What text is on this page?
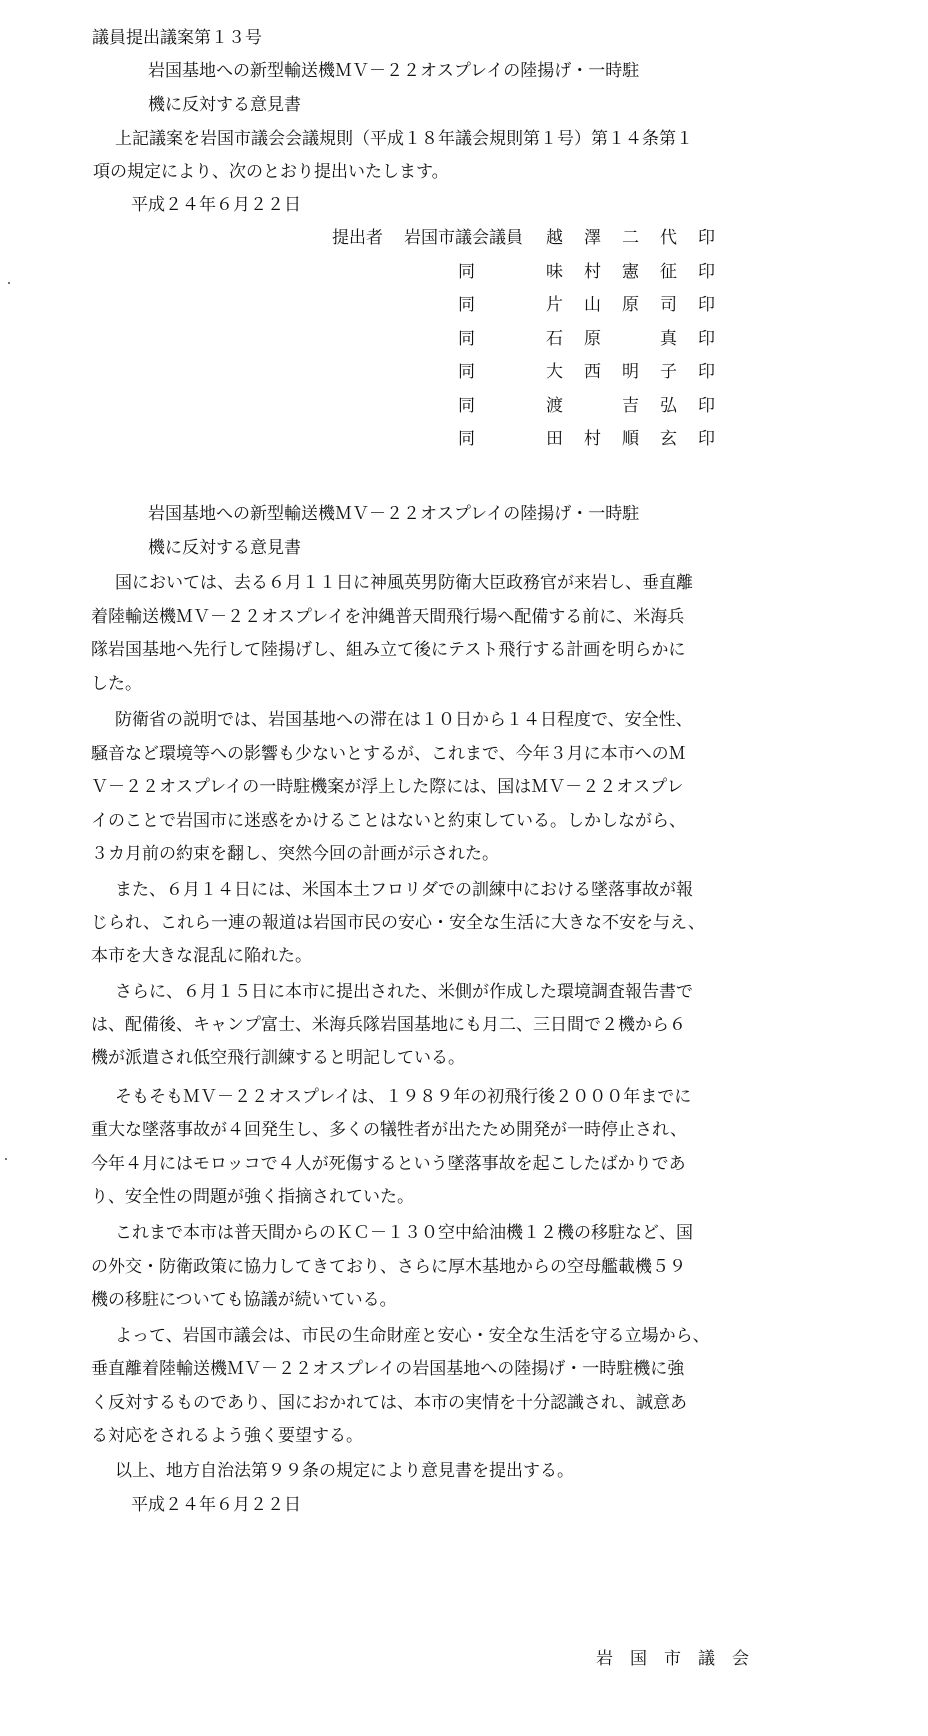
議員提出議案第１３号
岩国基地への新型輸送機ＭＶ－２２オスプレイの陸揚げ・一時駐
機に反対する意見書
上記議案を岩国市議会会議規則（平成１８年議会規則第１号）第１４条第１
項の規定により、次のとおり提出いたします。
平成２４年６月２２日
提出者 岩国市議会議員 越 澤 二 代 印
同	味 村 憲 征 印
同	片 山 原 司 印
同	石 原	真 印
同	大 西 明 子 印
同	渡	吉 弘 印
同	田 村 順 玄 印
岩国基地への新型輸送機ＭＶ－２２オスプレイの陸揚げ・一時駐
機に反対する意見書
国においては、去る６月１１日に神風英男防衛大臣政務官が来岩し、垂直離
着陸輸送機ＭＶ－２２オスプレイを沖縄普天間飛行場へ配備する前に、米海兵
隊岩国基地へ先行して陸揚げし、組み立て後にテスト飛行する計画を明らかに
した。
防衛省の説明では、岩国基地への滞在は１０日から１４日程度で、安全性、
騒音など環境等への影響も少ないとするが、これまで、今年３月に本市へのＭ
Ｖ－２２オスプレイの一時駐機案が浮上した際には、国はＭＶ－２２オスプレ
イのことで岩国市に迷惑をかけることはないと約束している。しかしながら、
３カ月前の約束を翻し、突然今回の計画が示された。
また、６月１４日には、米国本土フロリダでの訓練中における墜落事故が報
じられ、これら一連の報道は岩国市民の安心・安全な生活に大きな不安を与え、
本市を大きな混乱に陥れた。
さらに、６月１５日に本市に提出された、米側が作成した環境調査報告書で
は、配備後、キャンプ富士、米海兵隊岩国基地にも月二、三日間で２機から６
機が派遣され低空飛行訓練すると明記している。
そもそもＭＶ－２２オスプレイは、１９８９年の初飛行後２０００年までに
重大な墜落事故が４回発生し、多くの犠牲者が出たため開発が一時停止され、
今年４月にはモロッコで４人が死傷するという墜落事故を起こしたばかりであ
り、安全性の問題が強く指摘されていた。
これまで本市は普天間からのＫＣ－１３０空中給油機１２機の移駐など、国
の外交・防衛政策に協力してきており、さらに厚木基地からの空母艦載機５９
機の移駐についても協議が続いている。
よって、岩国市議会は、市民の生命財産と安心・安全な生活を守る立場から、
垂直離着陸輸送機ＭＶ－２２オスプレイの岩国基地への陸揚げ・一時駐機に強
く反対するものであり、国におかれては、本市の実情を十分認識され、誠意あ
る対応をされるよう強く要望する。
以上、地方自治法第９９条の規定により意見書を提出する。
平成２４年６月２２日
岩　国　市　議　会
